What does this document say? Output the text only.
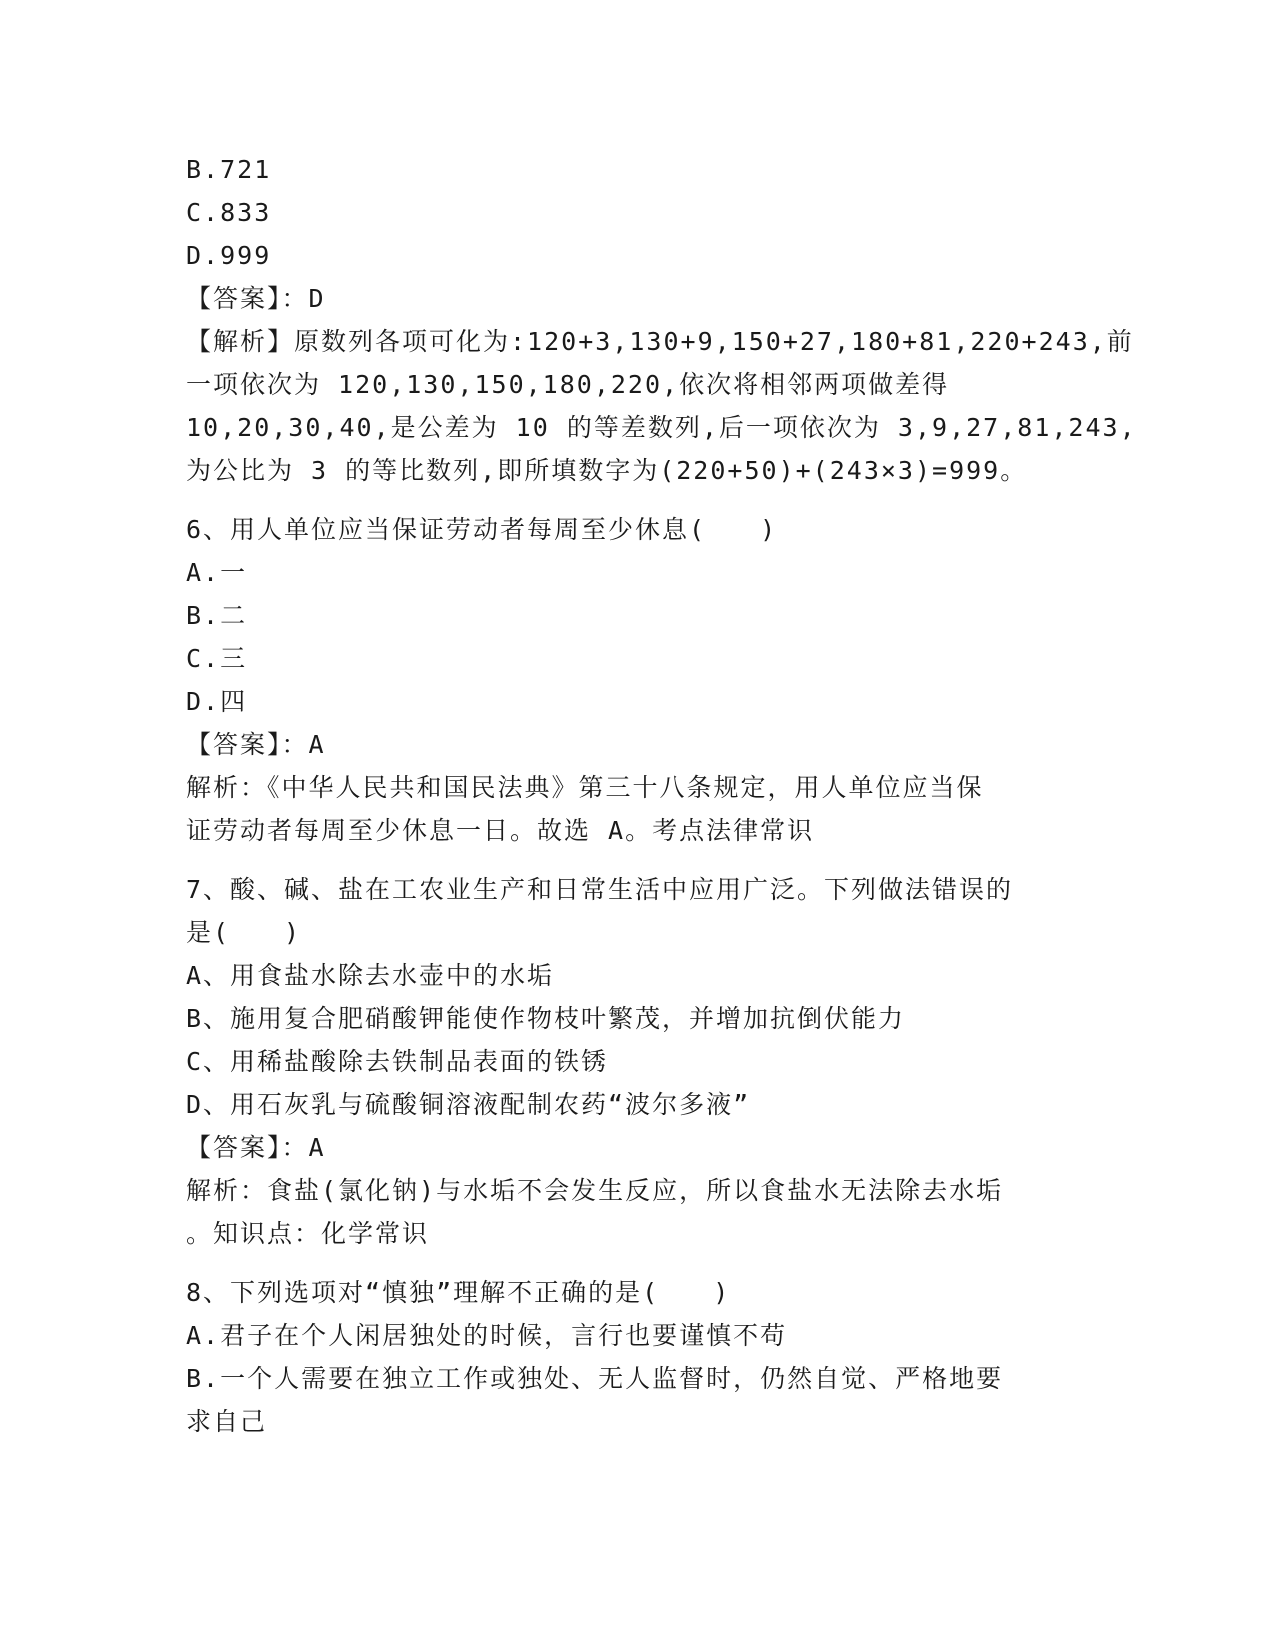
B.721
C.833
D.999
【答案】：D
【解析】原数列各项可化为:120+3,130+9,150+27,180+81,220+243,前
一项依次为 120,130,150,180,220,依次将相邻两项做差得
10,20,30,40,是公差为 10 的等差数列,后一项依次为 3,9,27,81,243,
为公比为 3 的等比数列,即所填数字为(220+50)+(243×3)=999。
6、用人单位应当保证劳动者每周至少休息(　　)
A.一
B.二
C.三
D.四
【答案】：A
解析：《中华人民共和国民法典》第三十八条规定，用人单位应当保
证劳动者每周至少休息一日。故选 A。考点法律常识
7、酸、碱、盐在工农业生产和日常生活中应用广泛。下列做法错误的
是(　　)
A、用食盐水除去水壶中的水垢
B、施用复合肥硝酸钾能使作物枝叶繁茂，并增加抗倒伏能力
C、用稀盐酸除去铁制品表面的铁锈
D、用石灰乳与硫酸铜溶液配制农药“波尔多液”
【答案】：A
解析：食盐(氯化钠)与水垢不会发生反应，所以食盐水无法除去水垢
。知识点：化学常识
8、下列选项对“慎独”理解不正确的是(　　)
A.君子在个人闲居独处的时候，言行也要谨慎不苟
B.一个人需要在独立工作或独处、无人监督时，仍然自觉、严格地要
求自己
